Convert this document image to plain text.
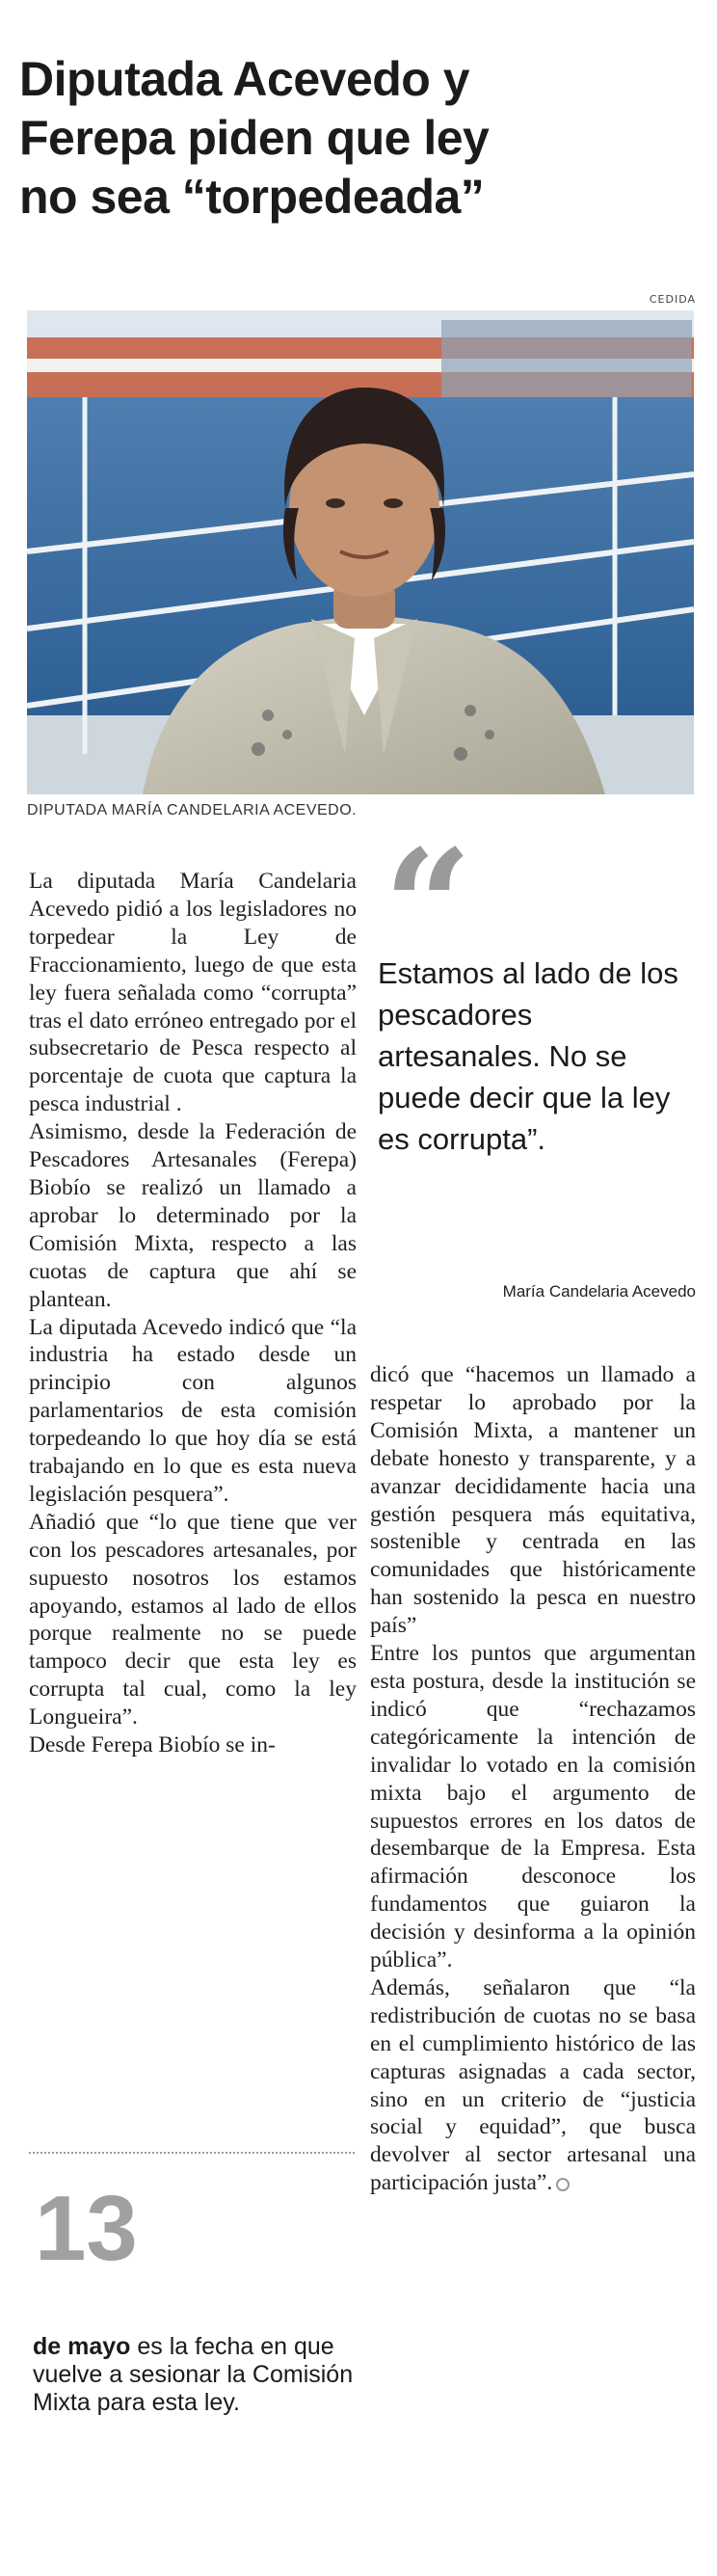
Diputada Acevedo y
Ferepa piden que ley
no sea “torpedeada”
CEDIDA
DIPUTADA MARÍA CANDELARIA ACEVEDO.

La diputada María Candelaria Acevedo pidió a los legisladores no torpedear la Ley de Fraccionamiento, luego de que esta ley fuera señalada como “corrupta” tras el dato erróneo entregado por el subsecretario de Pesca respecto al porcentaje de cuota que captura la pesca industrial .

Asimismo, desde la Federación de Pescadores Artesanales (Ferepa) Biobío se realizó un llamado a aprobar lo determinado por la Comisión Mixta, respecto a las cuotas de captura que ahí se plantean.

La diputada Acevedo indicó que “la industria ha estado desde un principio con algunos parlamentarios de esta comisión torpedeando lo que hoy día se está trabajando en lo que es esta nueva legislación pesquera”.

Añadió que “lo que tiene que ver con los pescadores artesanales, por supuesto nosotros los estamos apoyando, estamos al lado de ellos porque realmente no se puede tampoco decir que esta ley es corrupta tal cual, como la ley Longueira”.

Desde Ferepa Biobío se in-

“
Estamos al lado de los pescadores artesanales. No se puede decir que la ley es corrupta”.
María Candelaria Acevedo

dicó que “hacemos un llamado a respetar lo aprobado por la Comisión Mixta, a mantener un debate honesto y transparente, y a avanzar decididamente hacia una gestión pesquera más equitativa, sostenible y centrada en las comunidades que históricamente han sostenido la pesca en nuestro país”

Entre los puntos que argumentan esta postura, desde la institución se indicó que “rechazamos categóricamente la intención de invalidar lo votado en la comisión mixta bajo el argumento de supuestos errores en los datos de desembarque de la Empresa. Esta afirmación desconoce los fundamentos que guiaron la decisión y desinforma a la opinión pública”.

Además, señalaron que “la redistribución de cuotas no se basa en el cumplimiento histórico de las capturas asignadas a cada sector, sino en un criterio de “justicia social y equidad”, que busca devolver al sector artesanal una participación justa”.

13
de mayo es la fecha en que vuelve a sesionar la Comisión Mixta para esta ley.
